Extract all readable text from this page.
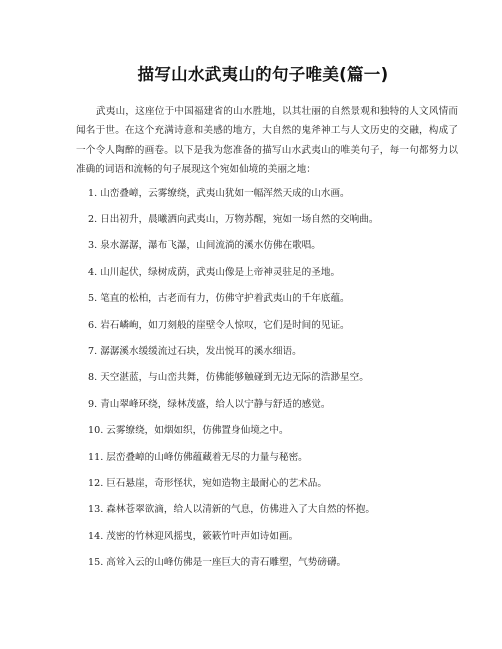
描写山水武夷山的句子唯美(篇一)

武夷山，这座位于中国福建省的山水胜地，以其壮丽的自然景观和独特的人文风情而闻名于世。在这个充满诗意和美感的地方，大自然的鬼斧神工与人文历史的交融，构成了一个令人陶醉的画卷。以下是我为您准备的描写山水武夷山的唯美句子，每一句都努力以准确的词语和流畅的句子展现这个宛如仙境的美丽之地：

1. 山峦叠嶂，云雾缭绕，武夷山犹如一幅浑然天成的山水画。
2. 日出初升，晨曦洒向武夷山，万物苏醒，宛如一场自然的交响曲。
3. 泉水潺潺，瀑布飞瀑，山间流淌的溪水仿佛在歌唱。
4. 山川起伏，绿树成荫，武夷山像是上帝神灵驻足的圣地。
5. 笔直的松柏，古老而有力，仿佛守护着武夷山的千年底蕴。
6. 岩石嶙峋，如刀刻般的崖壁令人惊叹，它们是时间的见证。
7. 潺潺溪水缓缓流过石块，发出悦耳的溪水细语。
8. 天空湛蓝，与山峦共舞，仿佛能够触碰到无边无际的浩渺星空。
9. 青山翠峰环绕，绿林茂盛，给人以宁静与舒适的感觉。
10. 云雾缭绕，如烟如织，仿佛置身仙境之中。
11. 层峦叠嶂的山峰仿佛蕴藏着无尽的力量与秘密。
12. 巨石悬崖，奇形怪状，宛如造物主最耐心的艺术品。
13. 森林苍翠欲滴，给人以清新的气息，仿佛进入了大自然的怀抱。
14. 茂密的竹林迎风摇曳，簌簌竹叶声如诗如画。
15. 高耸入云的山峰仿佛是一座巨大的青石雕塑，气势磅礴。
